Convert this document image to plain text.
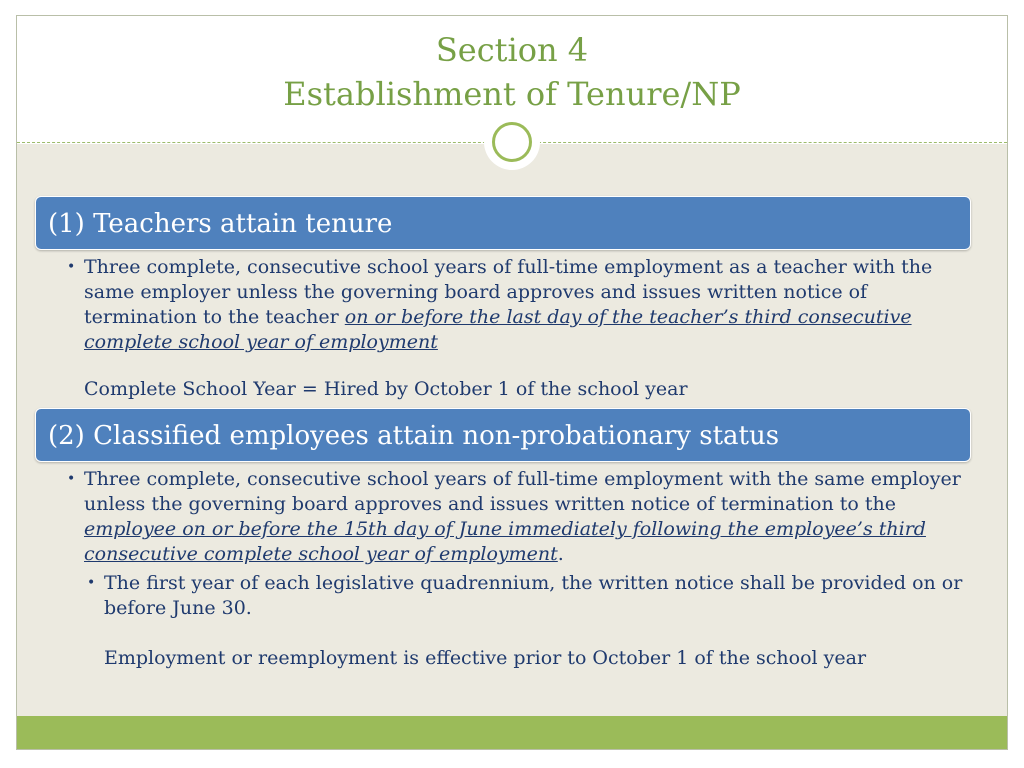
Section 4
Establishment of Tenure/NP
(1) Teachers attain tenure
• Three complete, consecutive school years of full-time employment as a teacher with the same employer unless the governing board approves and issues written notice of termination to the teacher on or before the last day of the teacher’s third consecutive complete school year of employment
Complete School Year = Hired by October 1 of the school year
(2) Classified employees attain non-probationary status
• Three complete, consecutive school years of full-time employment with the same employer unless the governing board approves and issues written notice of termination to the employee on or before the 15th day of June immediately following the employee’s third consecutive complete school year of employment.
• The first year of each legislative quadrennium, the written notice shall be provided on or before June 30.
Employment or reemployment is effective prior to October 1 of the school year
